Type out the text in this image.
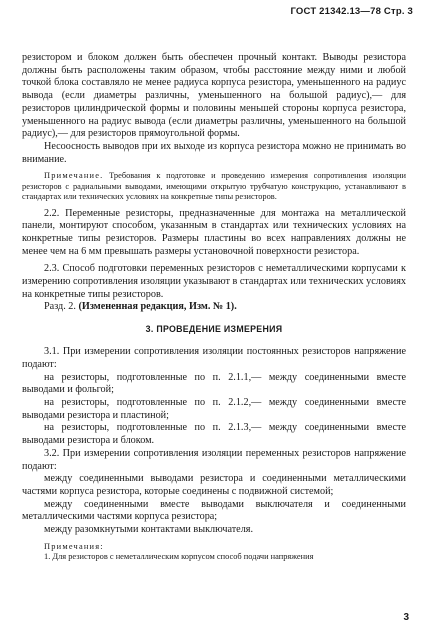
ГОСТ 21342.13—78 Стр. 3

резистором и блоком должен быть обеспечен прочный контакт. Выводы резистора должны быть расположены таким образом, чтобы расстояние между ними и любой точкой блока составляло не менее радиуса корпуса резистора, уменьшенного на радиус вывода (если диаметры различны, уменьшенного на большой радиус),— для резисторов цилиндрической формы и половины меньшей стороны корпуса резистора, уменьшенного на радиус вывода (если диаметры различны, уменьшенного на большой радиус),— для резисторов прямоугольной формы.

Несоосность выводов при их выходе из корпуса резистора можно не принимать во внимание.

Примечание. Требования к подготовке и проведению измерения сопротивления изоляции резисторов с радиальными выводами, имеющими открытую трубчатую конструкцию, устанавливают в стандартах или технических условиях на конкретные типы резисторов.

2.2. Переменные резисторы, предназначенные для монтажа на металлической панели, монтируют способом, указанным в стандартах или технических условиях на конкретные типы резисторов. Размеры пластины во всех направлениях должны не менее чем на 6 мм превышать размеры установочной поверхности резистора.

2.3. Способ подготовки переменных резисторов с неметаллическими корпусами к измерению сопротивления изоляции указывают в стандартах или технических условиях на конкретные типы резисторов.

Разд. 2. (Измененная редакция, Изм. № 1).

3. ПРОВЕДЕНИЕ ИЗМЕРЕНИЯ

3.1. При измерении сопротивления изоляции постоянных резисторов напряжение подают:

на резисторы, подготовленные по п. 2.1.1,— между соединенными вместе выводами и фольгой;

на резисторы, подготовленные по п. 2.1.2,— между соединенными вместе выводами резистора и пластиной;

на резисторы, подготовленные по п. 2.1.3,— между соединенными вместе выводами резистора и блоком.

3.2. При измерении сопротивления изоляции переменных резисторов напряжение подают:

между соединенными выводами резистора и соединенными металлическими частями корпуса резистора, которые соединены с подвижной системой;

между соединенными вместе выводами выключателя и соединенными металлическими частями корпуса резистора;

между разомкнутыми контактами выключателя.

Примечания:

1. Для резисторов с неметаллическим корпусом способ подачи напряжения

3
